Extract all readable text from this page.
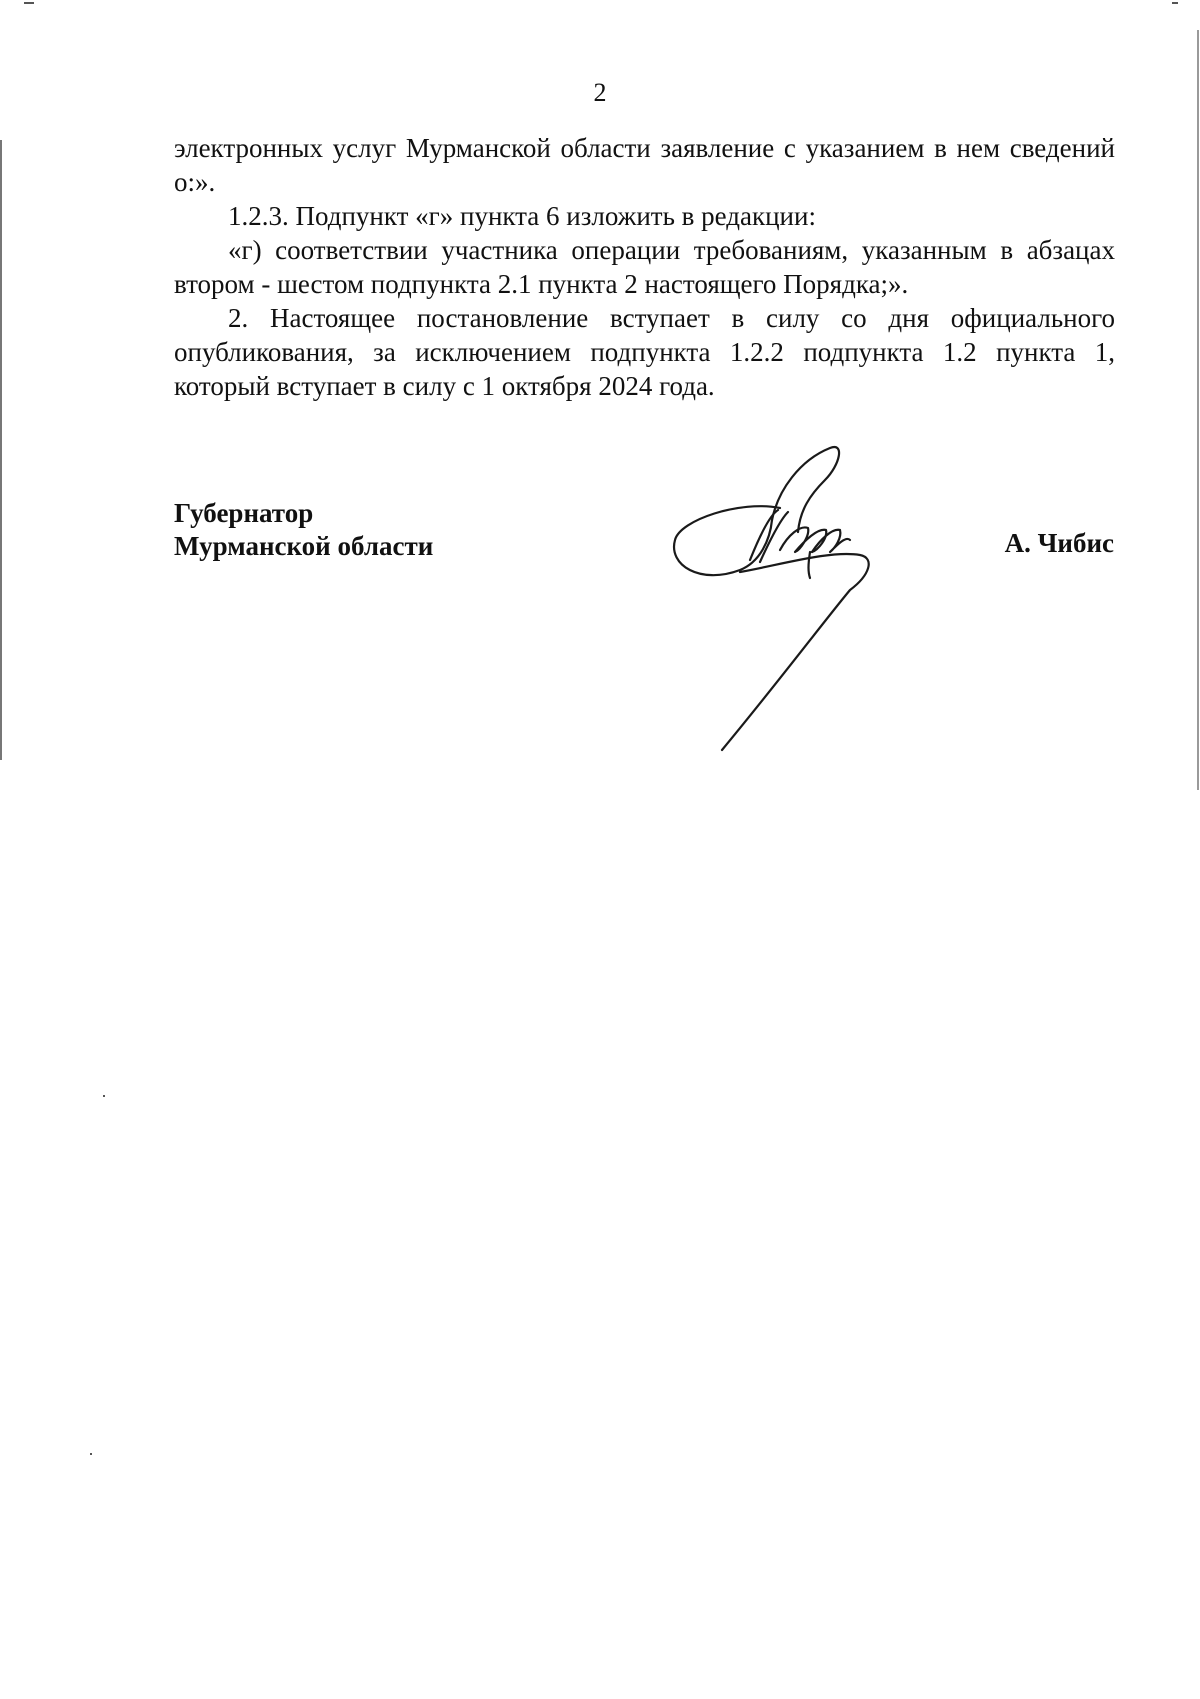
2

электронных услуг Мурманской области заявление с указанием в нем сведений о:».

1.2.3. Подпункт «г» пункта 6 изложить в редакции:

«г) соответствии участника операции требованиям, указанным в абзацах втором - шестом подпункта 2.1 пункта 2 настоящего Порядка;».

2. Настоящее постановление вступает в силу со дня официального опубликования, за исключением подпункта 1.2.2 подпункта 1.2 пункта 1, который вступает в силу с 1 октября 2024 года.

Губернатор
Мурманской области	А. Чибис
